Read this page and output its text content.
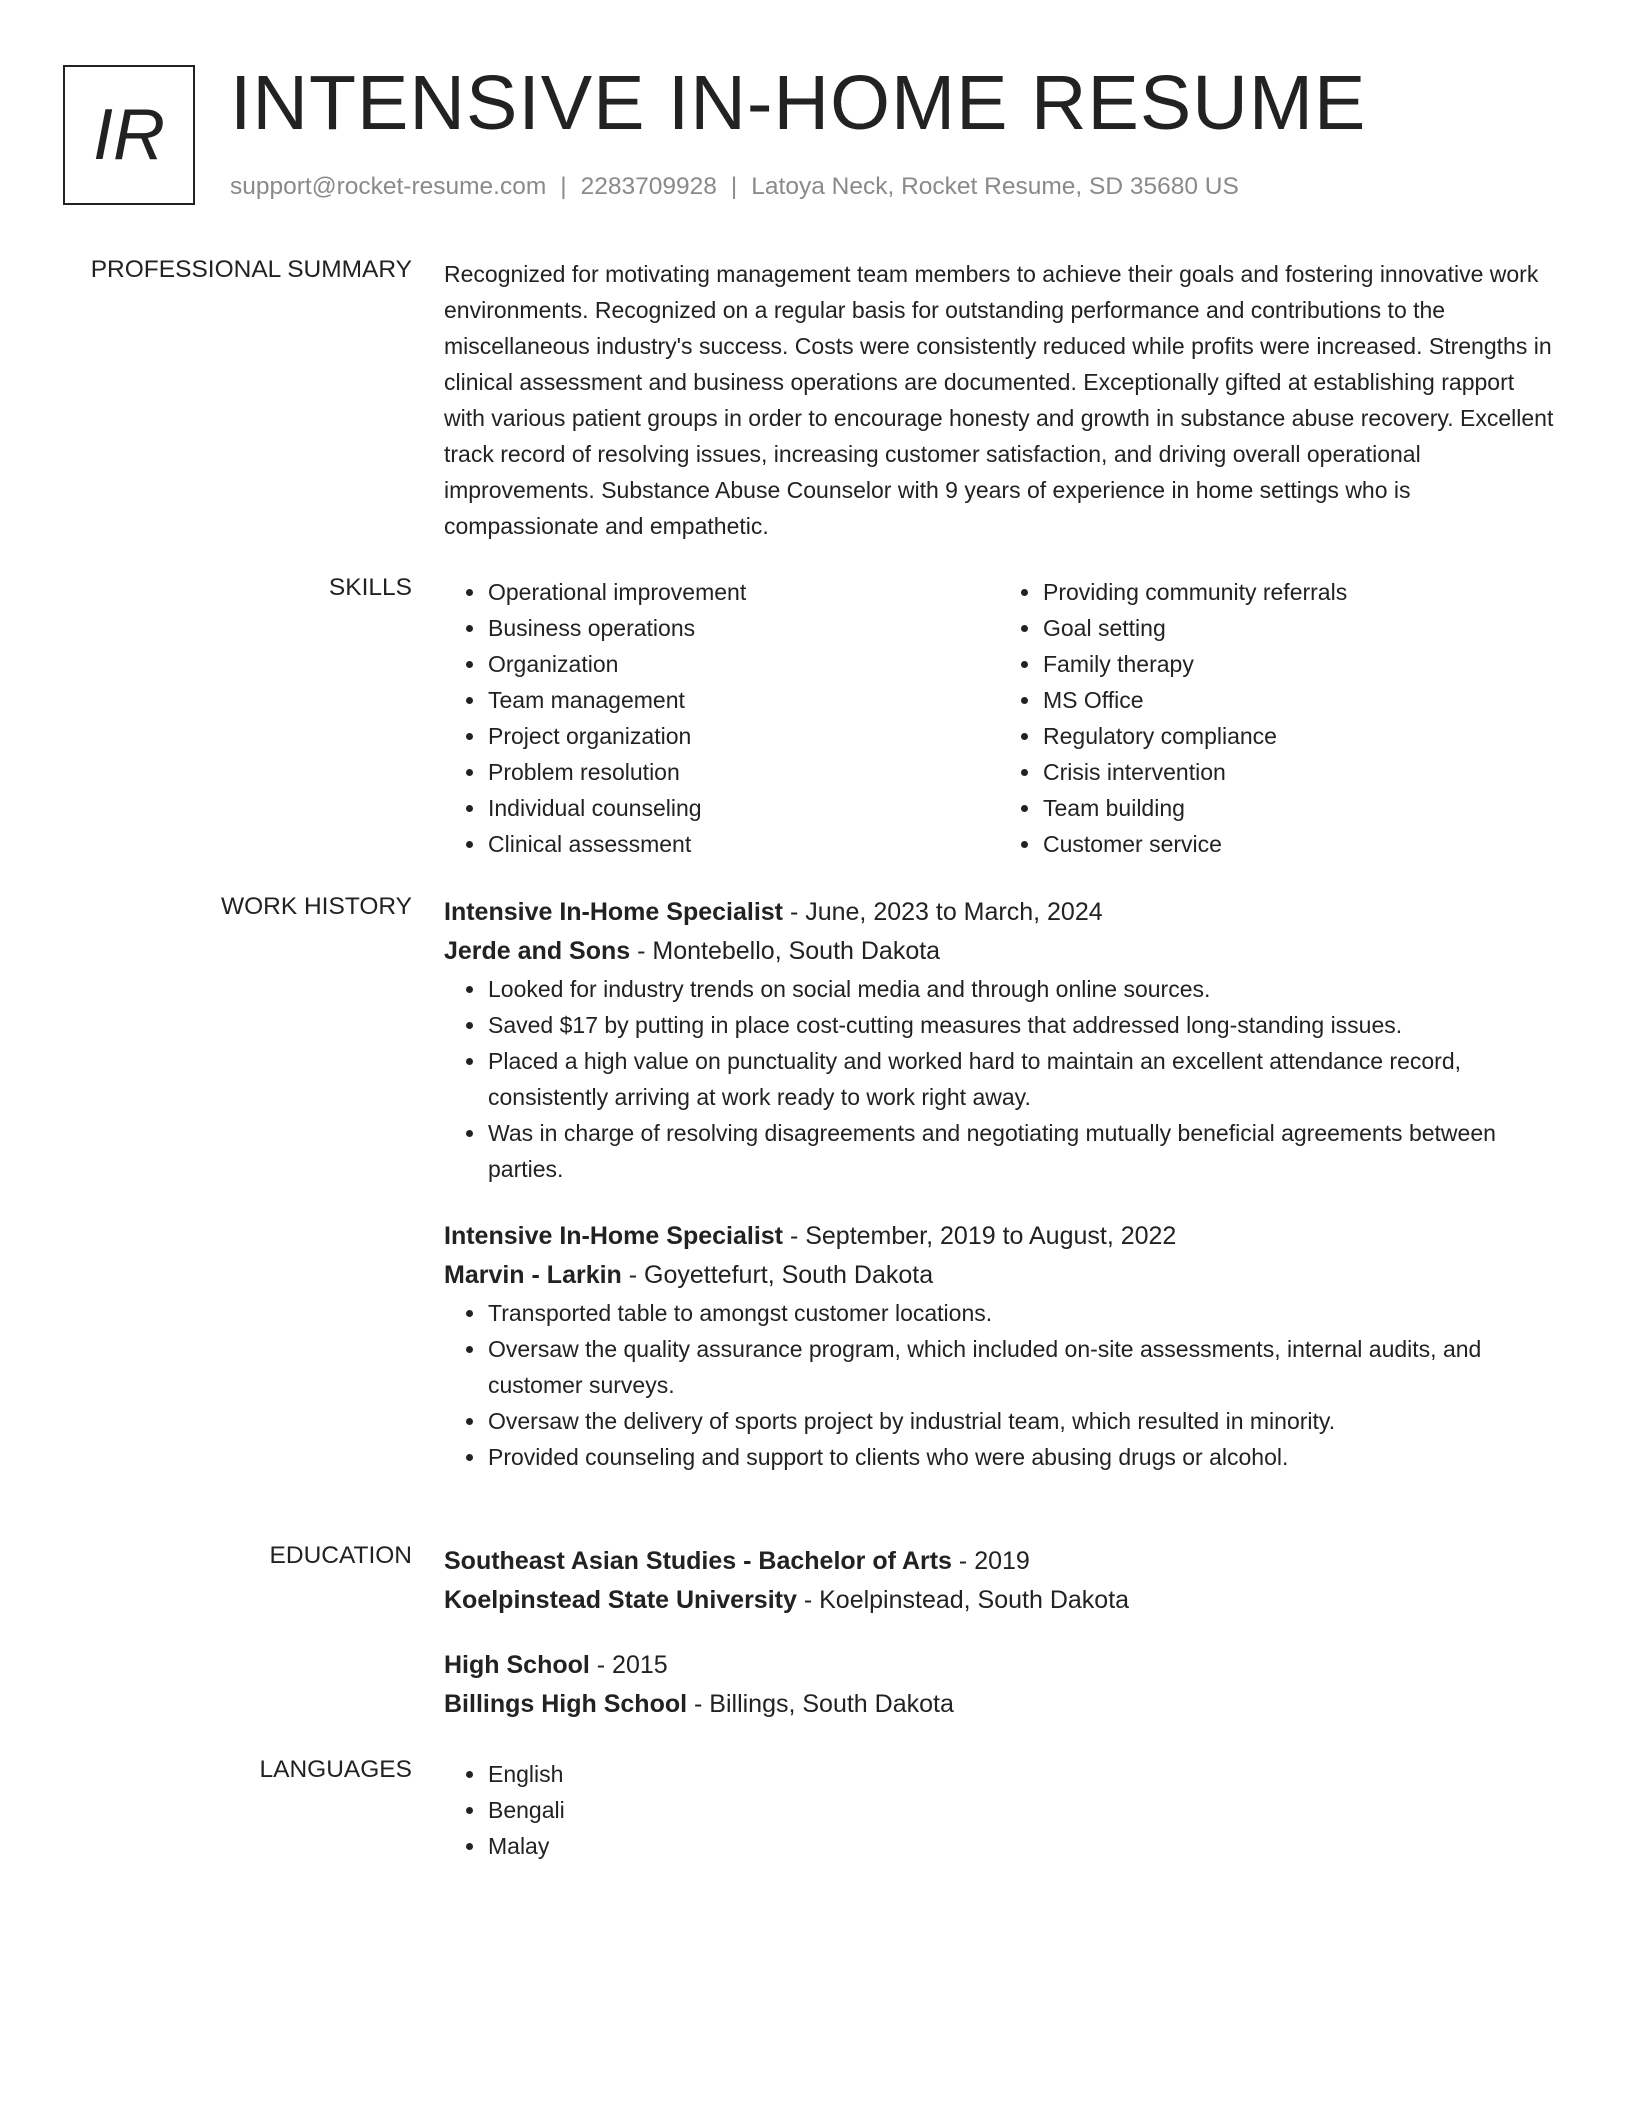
IR INTENSIVE IN-HOME RESUME
support@rocket-resume.com | 2283709928 | Latoya Neck, Rocket Resume, SD 35680 US
PROFESSIONAL SUMMARY Recognized for motivating management team members to achieve their goals and fostering innovative work environments. Recognized on a regular basis for outstanding performance and contributions to the miscellaneous industry's success. Costs were consistently reduced while profits were increased. Strengths in clinical assessment and business operations are documented. Exceptionally gifted at establishing rapport with various patient groups in order to encourage honesty and growth in substance abuse recovery. Excellent track record of resolving issues, increasing customer satisfaction, and driving overall operational improvements. Substance Abuse Counselor with 9 years of experience in home settings who is compassionate and empathetic.

SKILLS	• Operational improvement
• Business operations
• Organization
• Team management
• Project organization
• Problem resolution
• Individual counseling
• Clinical assessment
• Providing community referrals
• Goal setting
• Family therapy
• MS Office
• Regulatory compliance
• Crisis intervention
• Team building
• Customer service
WORK HISTORY Intensive In-Home Specialist - June, 2023 to March, 2024
Jerde and Sons - Montebello, South Dakota
• Looked for industry trends on social media and through online sources.
• Saved $17 by putting in place cost-cutting measures that addressed long-standing issues.
• Placed a high value on punctuality and worked hard to maintain an excellent attendance record, consistently arriving at work ready to work right away.
• Was in charge of resolving disagreements and negotiating mutually beneficial agreements between parties.
Intensive In-Home Specialist - September, 2019 to August, 2022
Marvin - Larkin - Goyettefurt, South Dakota
• Transported table to amongst customer locations.
• Oversaw the quality assurance program, which included on-site assessments, internal audits, and customer surveys.
• Oversaw the delivery of sports project by industrial team, which resulted in minority.
• Provided counseling and support to clients who were abusing drugs or alcohol.
EDUCATION Southeast Asian Studies - Bachelor of Arts - 2019
Koelpinstead State University - Koelpinstead, South Dakota
High School - 2015
Billings High School - Billings, South Dakota
LANGUAGES	• English
• Bengali
• Malay
